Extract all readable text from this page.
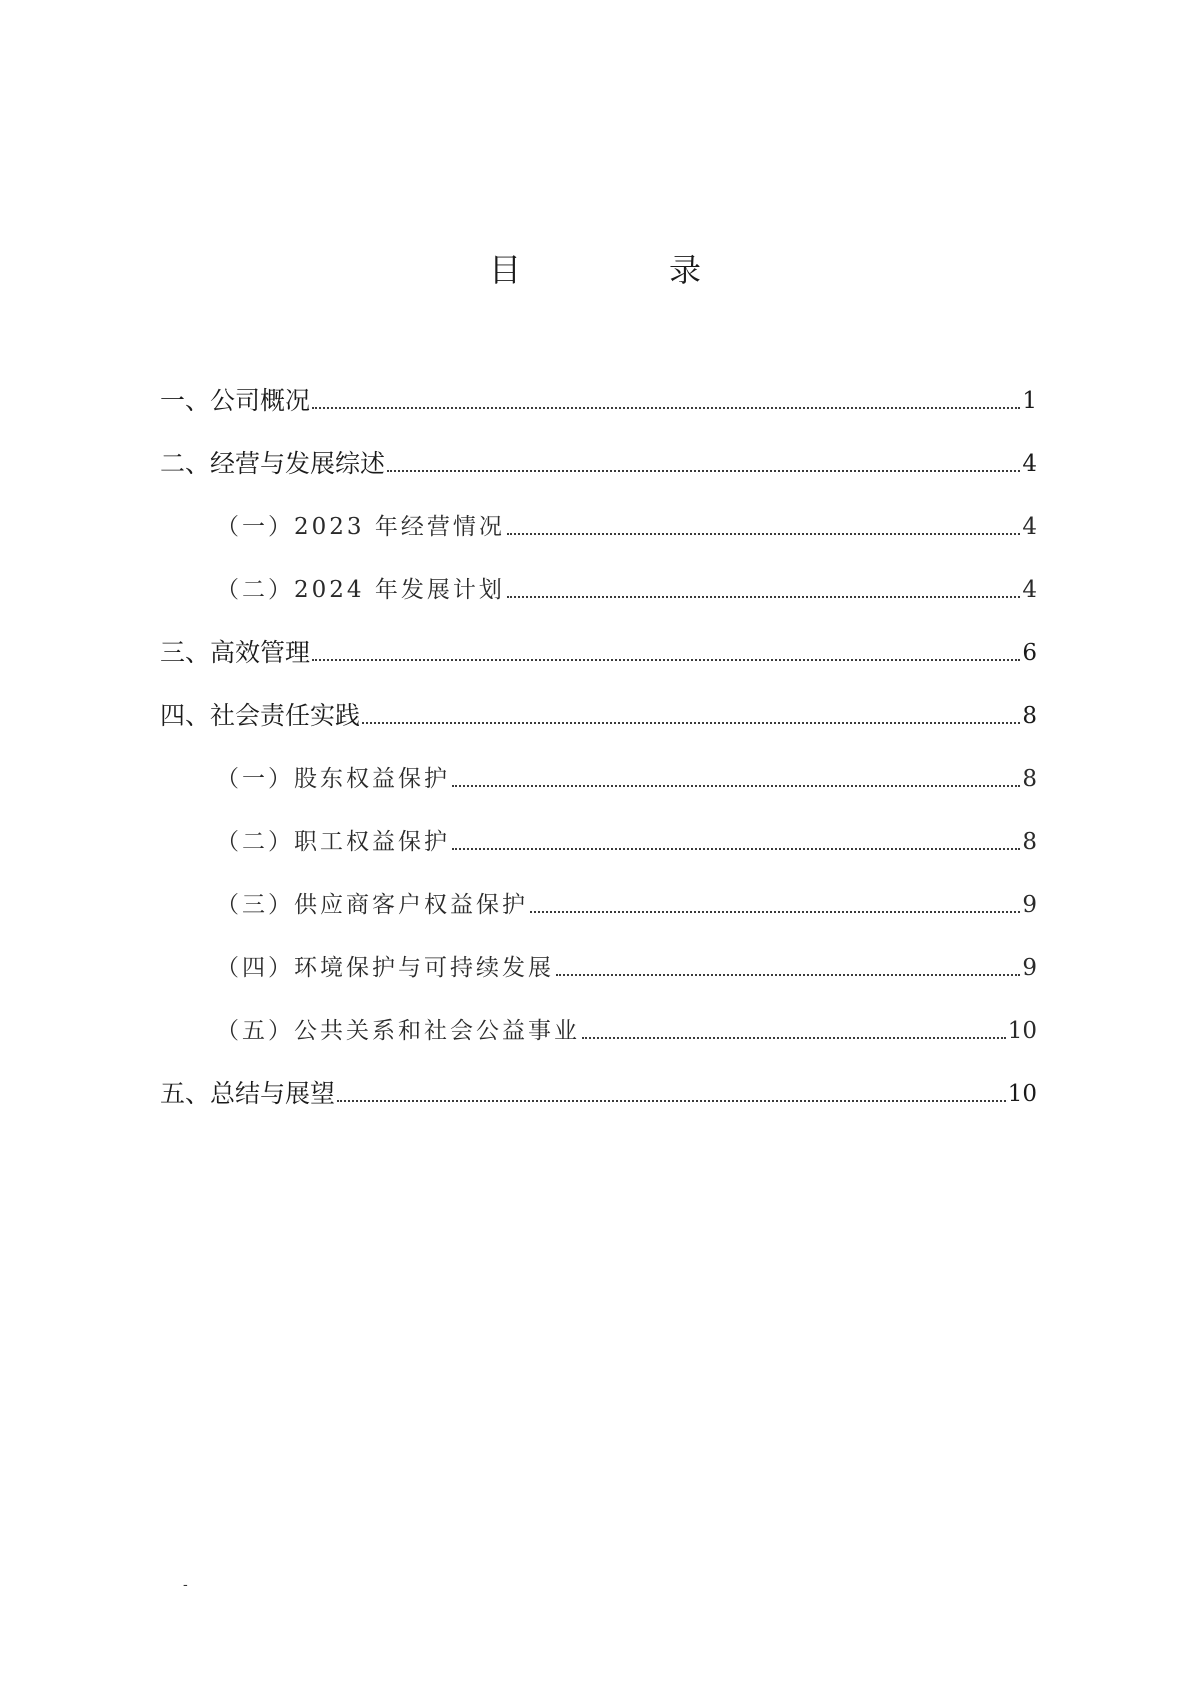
目　录
一、公司概况	1
二、经营与发展综述	4
（一）2023 年经营情况	4
（二）2024 年发展计划	4
三、高效管理	6
四、社会责任实践	8
（一）股东权益保护	8
（二）职工权益保护	8
（三）供应商客户权益保护	9
（四）环境保护与可持续发展	9
（五）公共关系和社会公益事业	10
五、总结与展望	10
-
